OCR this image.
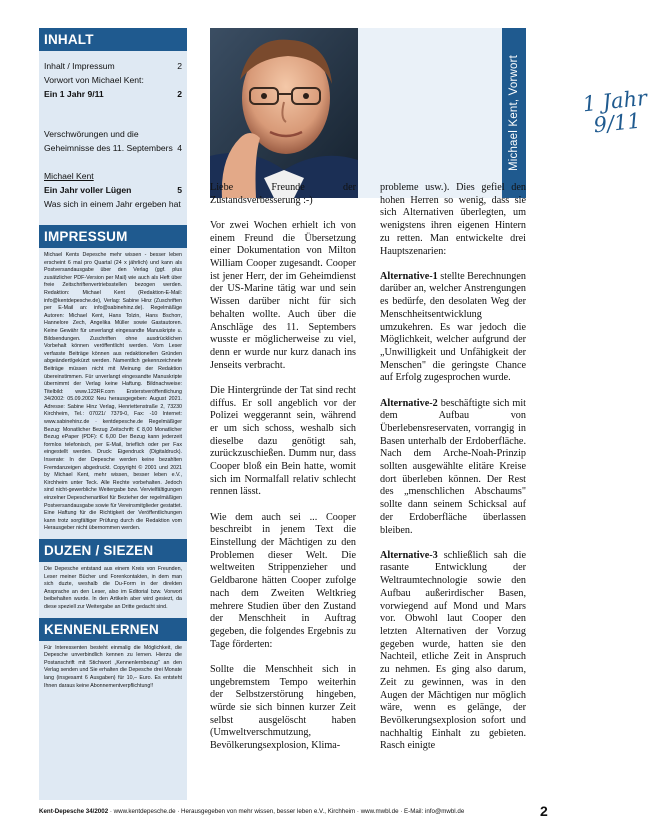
INHALT
Inhalt / Impressum	2
Vorwort von Michael Kent:
Ein 1 Jahr 9/11	2
Verschwörungen und die
Geheimnisse des 11. Septembers 4
Michael Kent
Ein Jahr voller Lügen	5
Was sich in einem Jahr ergeben hat
IMPRESSUM
Michael Kents Depesche mehr wissen - besser leben erscheint 6 mal pro Quartal (24 x jährlich) und kann als Postversandausgabe über den Verlag (ggf. plus zusätzlicher PDF-Version per Mail) wie auch als Heft über freie Zeitschriftenvertriebsstellen bezogen werden. Redaktion: Michael Kent (Redaktion-E-Mail: info@kentdepesche.de), Verlag: Sabine Hinz (Zuschriften per E-Mail an: info@sabinehinz.de). Regelmäßige Autoren: Michael Kent, Hans Tolzin, Hans Bschorr, Hannelore Zech, Angelika Müller sowie Gastautoren. Keine Gewähr für unverlangt eingesandte Manuskripte u. Bildsendungen. Zuschriften ohne ausdrücklichen Vorbehalt können veröffentlicht werden. Vom Leser verfasste Beiträge können aus redaktionellen Gründen abgeändert/gekürzt werden. Namentlich gekennzeichnete Beiträge müssen nicht mit Meinung der Redaktion übereinstimmen. Für unverlangt eingesandte Manuskripte übernimmt der Verlag keine Haftung. Bildnachweise: Titelbild: www.123RF.com Ersterstveröffentlichung 34/2002: 05.09.2002 Neu herausgegeben: August 2021. Adresse: Sabine Hinz Verlag, Henriettenstraße 2, 73230 Kirchheim, Tel.: 07021/ 7379-0, Fax: -10 Internet: www.sabinehinz.de · kentdepesche.de Regelmäßiger Bezug: Monatlicher Bezug Zeitschrift: € 8,00 Monatlicher Bezug ePaper (PDF): € 6,00 Der Bezug kann jederzeit formlos telefonisch, per E-Mail, brieflich oder per Fax eingestellt werden. Druck: Eigendruck (Digitaldruck). Inserate: In der Depesche werden keine bezahlten Fremdanzeigen abgedruckt. Copyright © 2001 und 2021 by Michael Kent, mehr wissen, besser leben e.V., Kirchheim unter Teck. Alle Rechte vorbehalten. Jedoch sind nicht-gewerbliche Weitergabe bzw. Vervielfältigungen einzelner Depeschenartikel für Bezieher der regelmäßigen Postversandausgabe sowie für Vereinsmitglieder gestattet. Eine Haftung für die Richtigkeit der Veröffentlichungen kann trotz sorgfältiger Prüfung durch die Redaktion vom Herausgeber nicht übernommen werden.
DUZEN / SIEZEN
Die Depesche entstand aus einem Kreis von Freunden, Leser meiner Bücher und Forenkontakten, in dem man sich duzte, weshalb die Du-Form in der direkten Ansprache an den Leser, also im Editorial bzw. Vorwort beibehalten wurde. In den Artikeln aber wird gesiezt, da diese speziell zur Weitergabe an Dritte gedacht sind.
KENNENLERNEN
Für Interessenten besteht einmalig die Möglichkeit, die Depesche unverbindlich kennen zu lernen. Hierzu die Postanschrift mit Stichwort „Kennenlernbezug" an den Verlag senden und Sie erhalten die Depesche drei Monate lang (insgesamt 6 Ausgaben) für 10,– Euro. Es entsteht Ihnen daraus keine Abonnementverpflichtung!!
1 Jahr
9/11
Michael Kent, Vorwort

Liebe Freunde der Zustandsverbesserung :-)

Vor zwei Wochen erhielt ich von einem Freund die Übersetzung einer Dokumentation von Milton William Cooper zugesandt. Cooper ist jener Herr, der im Geheimdienst der US-Marine tätig war und sein Wissen darüber nicht für sich behalten wollte. Auch über die Anschläge des 11. Septembers wusste er möglicherweise zu viel, denn er wurde nur kurz danach ins Jenseits verbracht.

Die Hintergründe der Tat sind recht diffus. Er soll angeblich vor der Polizei weggerannt sein, während er um sich schoss, weshalb sich dieselbe dazu genötigt sah, zurückzuschießen. Dumm nur, dass Cooper bloß ein Bein hatte, womit sich im Normalfall relativ schlecht rennen lässt.

Wie dem auch sei ... Cooper beschreibt in jenem Text die Einstellung der Mächtigen zu den Problemen dieser Welt. Die weltweiten Strippenzieher und Geldbarone hätten Cooper zufolge nach dem Zweiten Weltkrieg mehrere Studien über den Zustand der Menschheit in Auftrag gegeben, die folgendes Ergebnis zu Tage förderten:

Sollte die Menschheit sich in ungebremstem Tempo weiterhin der Selbstzerstörung hingeben, würde sie sich binnen kurzer Zeit selbst ausgelöscht haben (Umweltverschmutzung, Bevölkerungsexplosion, Klima-

probleme usw.). Dies gefiel den hohen Herren so wenig, dass sie sich Alternativen überlegten, um wenigstens ihren eigenen Hintern zu retten. Man entwickelte drei Hauptszenarien:

Alternative-1 stellte Berechnungen darüber an, welcher Anstrengungen es bedürfe, den desolaten Weg der Menschheitsentwicklung umzukehren. Es war jedoch die Möglichkeit, welcher aufgrund der „Unwilligkeit und Unfähigkeit der Menschen" die geringste Chance auf Erfolg zugesprochen wurde.

Alternative-2 beschäftigte sich mit dem Aufbau von Überlebensreservaten, vorrangig in Basen unterhalb der Erdoberfläche. Nach dem Arche-Noah-Prinzip sollten ausgewählte elitäre Kreise dort überleben können. Der Rest des „menschlichen Abschaums" sollte dann seinem Schicksal auf der Erdoberfläche überlassen bleiben.

Alternative-3 schließlich sah die rasante Entwicklung der Weltraumtechnologie sowie den Aufbau außerirdischer Basen, vorwiegend auf Mond und Mars vor. Obwohl laut Cooper den letzten Alternativen der Vorzug gegeben wurde, hatten sie den Nachteil, etliche Zeit in Anspruch zu nehmen. Es ging also darum, Zeit zu gewinnen, was in den Augen der Mächtigen nur möglich wäre, wenn es gelänge, der Bevölkerungsexplosion sofort und nachhaltig Einhalt zu gebieten. Rasch einigte

Kent-Depesche 34/2002 · www.kentdepesche.de · Herausgegeben von mehr wissen, besser leben e.V., Kirchheim · www.mwbl.de · E-Mail: info@mwbl.de	2
